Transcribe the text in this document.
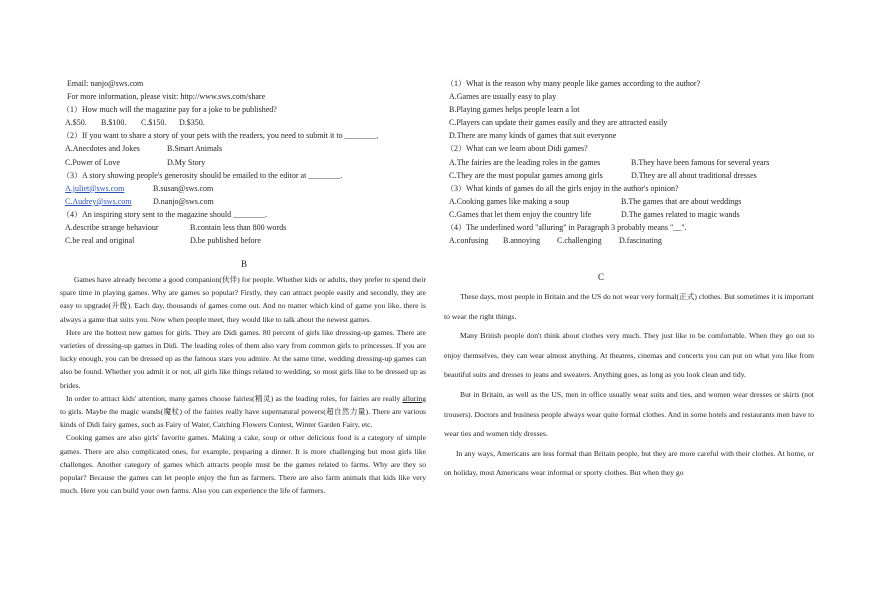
Email: nanjo@sws.com
For more information, please visit: http://www.sws.com/share
（1）How much will the magazine pay for a joke to be published?
A.$50. B.$100. C.$150. D.$350.
（2）If you want to share a story of your pets with the readers, you need to submit it to ________.
A.Anecdotes and Jokes	B.Smart Animals
C.Power of Love	D.My Story
（3）A story showing people's generosity should be emailed to the editor at ________.
A.juliet@sws.com	B.susan@sws.com
C.Audrey@sws.com	D.nanjo@sws.com
（4）An inspiring story sent to the magazine should ________.
A.describe strange behaviour	B.contain less than 800 words
C.be real and original	D.be published before
B

Games have already become a good companion(伙伴) for people. Whether kids or adults, they prefer to spend their spare time in playing games. Why are games so popular? Firstly, they can attract people easily and secondly, they are easy to upgrade(升级). Each day, thousands of games come out. And no matter which kind of game you like, there is always a game that suits you. Now when people meet, they would like to talk about the newest games.

Here are the hottest new games for girls. They are Didi games. 80 percent of girls like dressing-up games. There are varieties of dressing-up games in Didi. The leading roles of them also vary from common girls to princesses. If you are lucky enough, you can be dressed up as the famous stars you admire. At the same time, wedding dressing-up games can also be found. Whether you admit it or not, all girls like things related to wedding, so most girls like to be dressed up as brides.

In order to attract kids' attention, many games choose fairies(精灵) as the leading roles, for fairies are really alluring to girls. Maybe the magic wands(魔杖) of the fairies really have supernatural powers(超自然力量). There are various kinds of Didi fairy games, such as Fairy of Water, Catching Flowers Contest, Winter Garden Fairy, etc.

Cooking games are also girls' favorite games. Making a cake, soup or other delicious food is a category of simple games. There are also complicated ones, for example, preparing a dinner. It is more challenging but most girls like challenges. Another category of games which attracts people must be the games related to farms. Why are they so popular? Because the games can let people enjoy the fun as farmers. There are also farm animals that kids like very much. Here you can build your own farms. Also you can experience the life of farmers.

（1）What is the reason why many people like games according to the author?
A.Games are usually easy to play
B.Playing games helps people learn a lot
C.Players can update their games easily and they are attracted easily
D.There are many kinds of games that suit everyone
（2）What can we learn about Didi games?
A.The fairies are the leading roles in the games	B.They have been famous for several years
C.They are the most popular games among girls	D.They are all about traditional dresses
（3）What kinds of games do all the girls enjoy in the author's opinion?
A.Cooking games like making a soup	B.The games that are about weddings
C.Games that let them enjoy the country life	D.The games related to magic wands
（4）The underlined word "alluring" in Paragraph 3 probably means "__".
A.confusing B.annoying C.challenging D.fascinating
C

These days, most people in Britain and the US do not wear very formal(正式) clothes. But sometimes it is important to wear the right things.

Many British people don't think about clothes very much. They just like to be comfortable. When they go out to enjoy themselves, they can wear almost anything. At theatres, cinemas and concerts you can put on what you like from beautiful suits and dresses to jeans and sweaters. Anything goes, as long as you look clean and tidy.

But in Britain, as well as the US, men in office usually wear suits and ties, and women wear dresses or skirts (not trousers). Doctors and business people always wear quite formal clothes. And in some hotels and restaurants men have to wear ties and women tidy dresses.

In any ways, Americans are less formal than Britain people, but they are more careful with their clothes. At home, or on holiday, most Americans wear informal or sporty clothes. But when they go
